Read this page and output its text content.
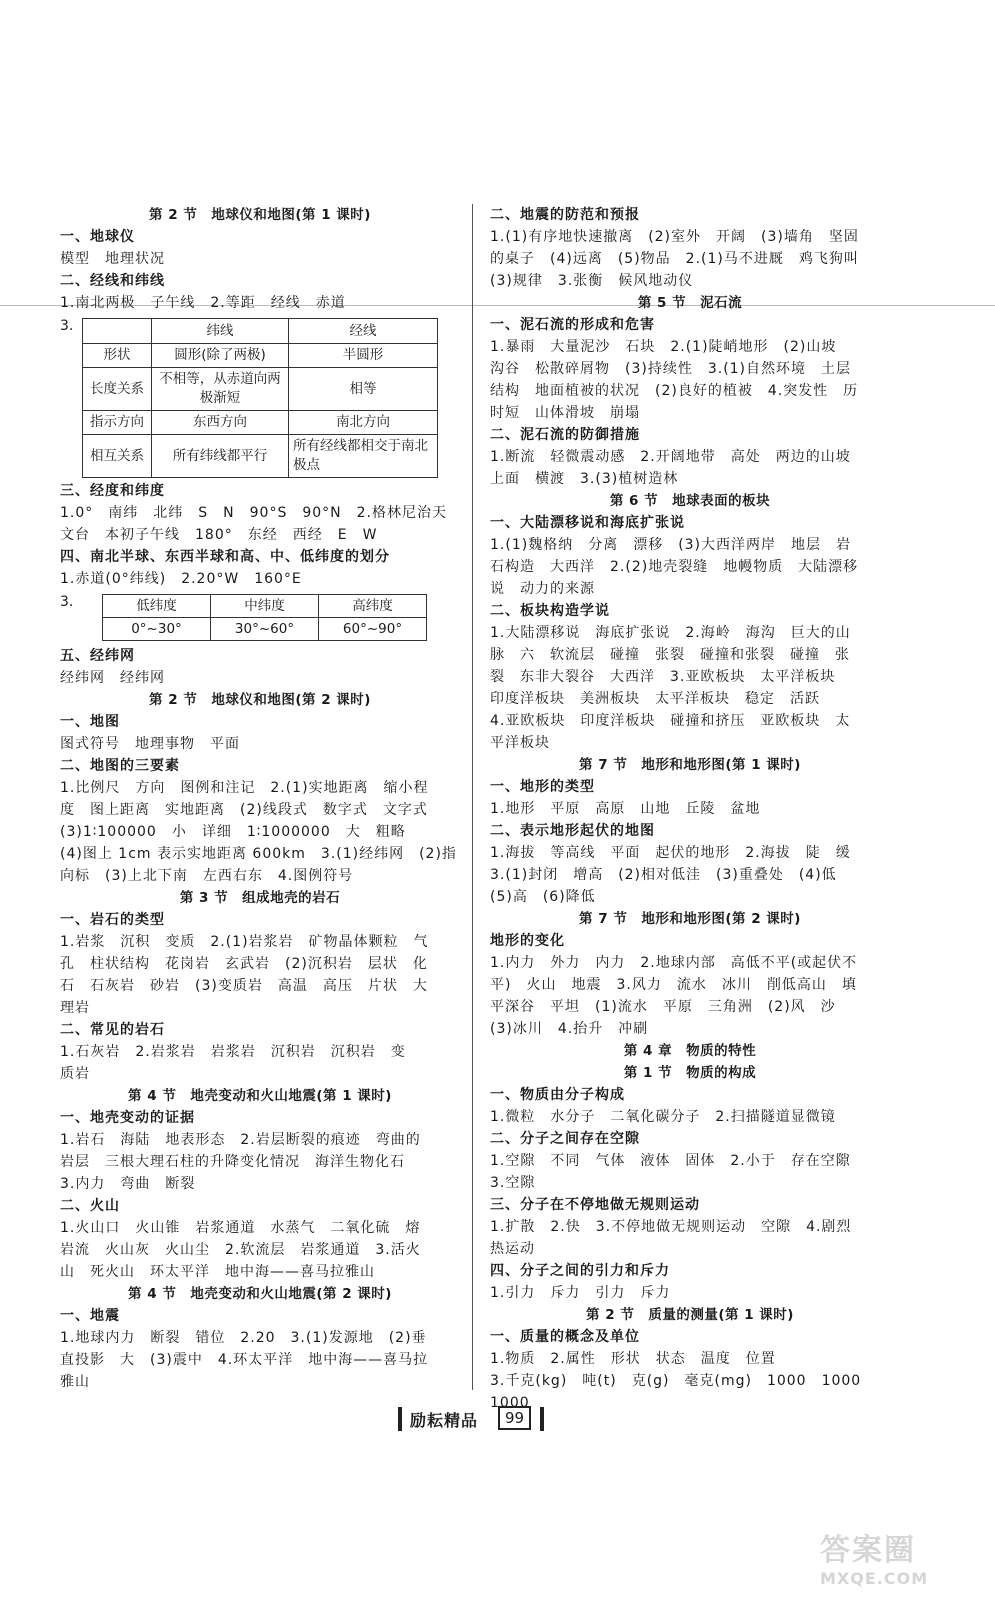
第 2 节　地球仪和地图(第 1 课时)
一、地球仪
模型　地理状况
二、经线和纬线
1.南北两极　子午线　2.等距　经线　赤道
3.
		纬线	经线
形状	圆形(除了两极)	半圆形
长度关系	不相等，从赤道向两极渐短	相等
指示方向	东西方向	南北方向
相互关系	所有纬线都平行	所有经线都相交于南北极点
三、经度和纬度
1.0°　南纬　北纬　S　N　90°S　90°N　2.格林尼治天
文台　本初子午线　180°　东经　西经　E　W
四、南北半球、东西半球和高、中、低纬度的划分
1.赤道(0°纬线)　2.20°W　160°E
3.	低纬度	中纬度	高纬度
0°~30°	30°~60°	60°~90°
五、经纬网
经纬网　经纬网
第 2 节　地球仪和地图(第 2 课时)
一、地图
图式符号　地理事物　平面
二、地图的三要素
1.比例尺　方向　图例和注记　2.(1)实地距离　缩小程
度　图上距离　实地距离　(2)线段式　数字式　文字式
(3)1∶100000　小　详细　1∶1000000　大　粗略
(4)图上 1cm 表示实地距离 600km　3.(1)经纬网　(2)指
向标　(3)上北下南　左西右东　4.图例符号
第 3 节　组成地壳的岩石
一、岩石的类型
1.岩浆　沉积　变质　2.(1)岩浆岩　矿物晶体颗粒　气
孔　柱状结构　花岗岩　玄武岩　(2)沉积岩　层状　化
石　石灰岩　砂岩　(3)变质岩　高温　高压　片状　大
理岩
二、常见的岩石
1.石灰岩　2.岩浆岩　岩浆岩　沉积岩　沉积岩　变
质岩
第 4 节　地壳变动和火山地震(第 1 课时)
一、地壳变动的证据
1.岩石　海陆　地表形态　2.岩层断裂的痕迹　弯曲的
岩层　三根大理石柱的升降变化情况　海洋生物化石
3.内力　弯曲　断裂
二、火山
1.火山口　火山锥　岩浆通道　水蒸气　二氧化硫　熔
岩流　火山灰　火山尘　2.软流层　岩浆通道　3.活火
山　死火山　环太平洋　地中海——喜马拉雅山
第 4 节　地壳变动和火山地震(第 2 课时)
一、地震
1.地球内力　断裂　错位　2.20　3.(1)发源地　(2)垂
直投影　大　(3)震中　4.环太平洋　地中海——喜马拉
雅山
二、地震的防范和预报
1.(1)有序地快速撤离　(2)室外　开阔　(3)墙角　坚固
的桌子　(4)远离　(5)物品　2.(1)马不进厩　鸡飞狗叫
(3)规律　3.张衡　候风地动仪
第 5 节　泥石流
一、泥石流的形成和危害
1.暴雨　大量泥沙　石块　2.(1)陡峭地形　(2)山坡
沟谷　松散碎屑物　(3)持续性　3.(1)自然环境　土层
结构　地面植被的状况　(2)良好的植被　4.突发性　历
时短　山体滑坡　崩塌
二、泥石流的防御措施
1.断流　轻微震动感　2.开阔地带　高处　两边的山坡
上面　横渡　3.(3)植树造林
第 6 节　地球表面的板块
一、大陆漂移说和海底扩张说
1.(1)魏格纳　分离　漂移　(3)大西洋两岸　地层　岩
石构造　大西洋　2.(2)地壳裂缝　地幔物质　大陆漂移
说　动力的来源
二、板块构造学说
1.大陆漂移说　海底扩张说　2.海岭　海沟　巨大的山
脉　六　软流层　碰撞　张裂　碰撞和张裂　碰撞　张
裂　东非大裂谷　大西洋　3.亚欧板块　太平洋板块
印度洋板块　美洲板块　太平洋板块　稳定　活跃
4.亚欧板块　印度洋板块　碰撞和挤压　亚欧板块　太
平洋板块
第 7 节　地形和地形图(第 1 课时)
一、地形的类型
1.地形　平原　高原　山地　丘陵　盆地
二、表示地形起伏的地图
1.海拔　等高线　平面　起伏的地形　2.海拔　陡　缓
3.(1)封闭　增高　(2)相对低洼　(3)重叠处　(4)低
(5)高　(6)降低
第 7 节　地形和地形图(第 2 课时)
地形的变化
1.内力　外力　内力　2.地球内部　高低不平(或起伏不
平)　火山　地震　3.风力　流水　冰川　削低高山　填
平深谷　平坦　(1)流水　平原　三角洲　(2)风　沙
(3)冰川　4.抬升　冲刷
第 4 章　物质的特性
第 1 节　物质的构成
一、物质由分子构成
1.微粒　水分子　二氧化碳分子　2.扫描隧道显微镜
二、分子之间存在空隙
1.空隙　不同　气体　液体　固体　2.小于　存在空隙
3.空隙
三、分子在不停地做无规则运动
1.扩散　2.快　3.不停地做无规则运动　空隙　4.剧烈
热运动
四、分子之间的引力和斥力
1.引力　斥力　引力　斥力
第 2 节　质量的测量(第 1 课时)
一、质量的概念及单位
1.物质　2.属性　形状　状态　温度　位置
3.千克(kg)　吨(t)　克(g)　毫克(mg)　1000　1000
1000
励耘精品	99
答案圈
MXQE.COM
